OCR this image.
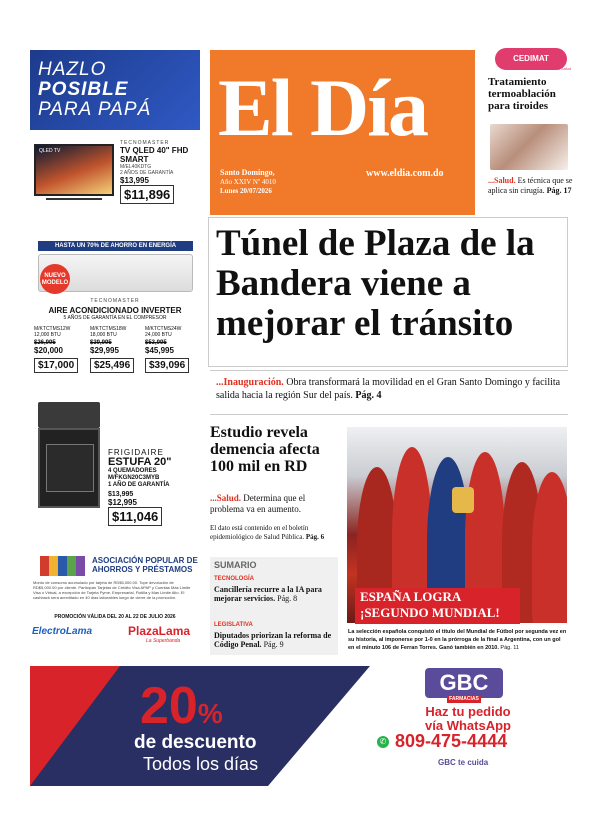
HAZLO
POSIBLE
PARA PAPÁ
QLED TV
TECNOMASTER
TV QLED 40" FHD SMART
M/EL40KDTG
2 AÑOS DE GARANTÍA
$13,995
$11,896
HASTA UN 70% DE AHORRO EN ENERGÍA
NUEVO MODELO
TECNOMASTER
AIRE ACONDICIONADO INVERTER
5 AÑOS DE GARANTÍA EN EL COMPRESOR
M/KTCTMS12W
12,000 BTU
$26,995
$20,000
$17,000
M/KTCTMS18W
18,000 BTU
$39,995
$29,995
$25,496
M/KTCTMS24W
24,000 BTU
$53,995
$45,995
$39,096
FRIGIDAIRE
ESTUFA 20"
4 QUEMADORES
M/FKGN20C3MYB
1 AÑO DE GARANTÍA
$13,995
$12,995
$11,046
ASOCIACIÓN POPULAR DE AHORROS Y PRÉSTAMOS
Monto de consumo acumulado por tarjeta de RD$5,000.00. Tope devolución de RD$5,000.00 por cliente. Participan Tarjetas de Crédito Visa APAP y Cuentas Más Limite Visa o Virtual, a excepción de Tarjeta Pyme, Empresarial, Flotilla y Mas Limite Alto. El cashback será acreditado en 40 días laborables luego de cierre de la promoción.
PROMOCIÓN VÁLIDA DEL 20 AL 22 DE JULIO 2026
ElectroLama	PlazaLama
La Superbanda
El Día
Santo Domingo,
Año XXIV Nº 4010
Lunes 20/07/2026
www.eldia.com.do
CEDIMAT
Plaza de la Salud
Tratamiento termoablación para tiroides
...Salud. Es técnica que se aplica sin cirugía. Pág. 17
Túnel de Plaza de la Bandera viene a mejorar el tránsito
...Inauguración. Obra transformará la movilidad en el Gran Santo Domingo y facilita salida hacia la región Sur del país. Pág. 4
Estudio revela demencia afecta 100 mil en RD
...Salud. Determina que el problema va en aumento.
El dato está contenido en el boletín epidemiológico de Salud Pública. Pág. 6
SUMARIO
TECNOLOGÍA
Cancillería recurre a la IA para mejorar servicios. Pág. 8
LEGISLATIVA
Diputados priorizan la reforma de Código Penal. Pág. 9
ESPAÑA LOGRA
¡SEGUNDO MUNDIAL!
La selección española conquistó el título del Mundial de Fútbol por segunda vez en su historia, al imponerse por 1-0 en la prórroga de la final a Argentina, con un gol en el minuto 106 de Ferran Torres. Ganó también en 2010. Pág. 11
20%
de descuento
Todos los días
GBC
FARMACIAS
Haz tu pedido
vía WhatsApp
✆ 809-475-4444
GBC te cuida
